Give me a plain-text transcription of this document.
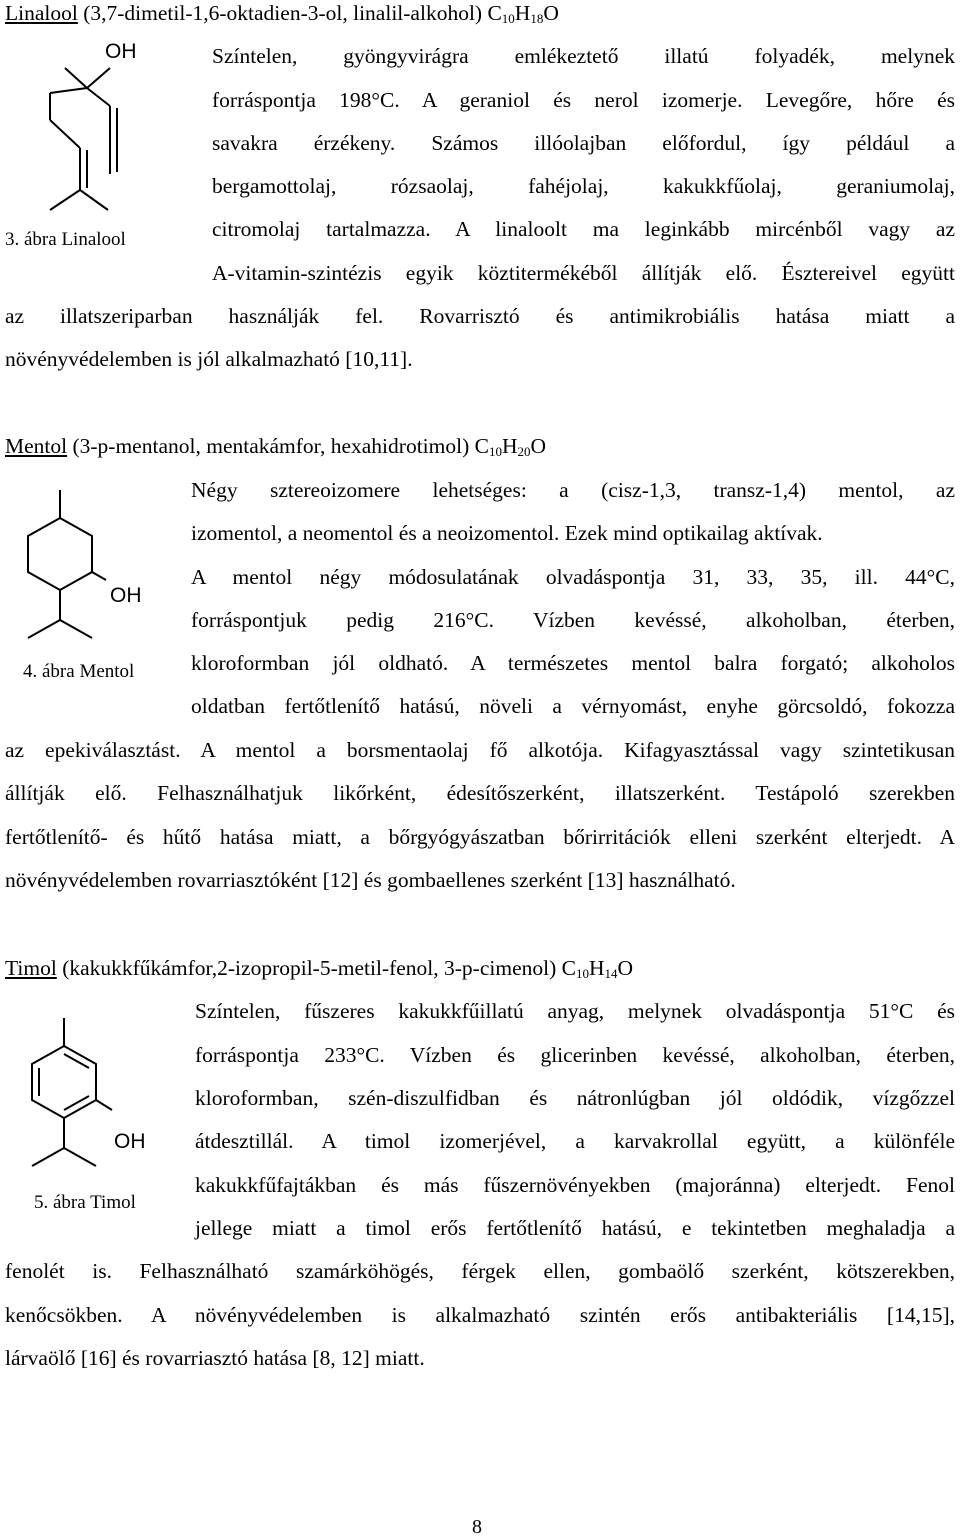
Linalool (3,7-dimetil-1,6-oktadien-3-ol, linalil-alkohol) $C_{10}H_{18}O$
OH
3. ábra Linalool
Színtelen, gyöngyvirágra emlékeztető illatú folyadék, melynek
forráspontja 198°C. A geraniol és nerol izomerje. Levegőre, hőre és
savakra érzékeny. Számos illóolajban előfordul, így például a
bergamottolaj, rózsaolaj, fahéjolaj, kakukkfűolaj, geraniumolaj,
citromolaj tartalmazza. A linaloolt ma leginkább mircénből vagy az
A-vitamin-szintézis egyik köztitermékéből állítják elő. Észtereivel együtt
az illatszeriparban használják fel. Rovarrisztó és antimikrobiális hatása miatt a
növényvédelemben is jól alkalmazható [10,11].
Mentol (3-p-mentanol, mentakámfor, hexahidrotimol) $C_{10}H_{20}O$
OH
4. ábra Mentol
Négy sztereoizomere lehetséges: a (cisz-1,3, transz-1,4) mentol, az
izomentol, a neomentol és a neoizomentol. Ezek mind optikailag aktívak.
A mentol négy módosulatának olvadáspontja 31, 33, 35, ill. 44°C,
forráspontjuk pedig 216°C. Vízben kevéssé, alkoholban, éterben,
kloroformban jól oldható. A természetes mentol balra forgató; alkoholos
oldatban fertőtlenítő hatású, növeli a vérnyomást, enyhe görcsoldó, fokozza
az epekiválasztást. A mentol a borsmentaolaj fő alkotója. Kifagyasztással vagy szintetikusan
állítják elő. Felhasználhatjuk likőrként, édesítőszerként, illatszerként. Testápoló szerekben
fertőtlenítő- és hűtő hatása miatt, a bőrgyógyászatban bőrirritációk elleni szerként elterjedt. A
növényvédelemben rovarriasztóként [12] és gombaellenes szerként [13] használható.
Timol (kakukkfűkámfor,2-izopropil-5-metil-fenol, 3-p-cimenol) $C_{10}H_{14}O$
OH
5. ábra Timol
Színtelen, fűszeres kakukkfűillatú anyag, melynek olvadáspontja 51°C és
forráspontja 233°C. Vízben és glicerinben kevéssé, alkoholban, éterben,
kloroformban, szén-diszulfidban és nátronlúgban jól oldódik, vízgőzzel
átdesztillál. A timol izomerjével, a karvakrollal együtt, a különféle
kakukkfűfajtákban és más fűszernövényekben (majoránna) elterjedt. Fenol
jellege miatt a timol erős fertőtlenítő hatású, e tekintetben meghaladja a
fenolét is. Felhasználható szamárköhögés, férgek ellen, gombaölő szerként, kötszerekben,
kenőcsökben. A növényvédelemben is alkalmazható szintén erős antibakteriális [14,15],
lárvaölő [16] és rovarriasztó hatása [8, 12] miatt.
8
